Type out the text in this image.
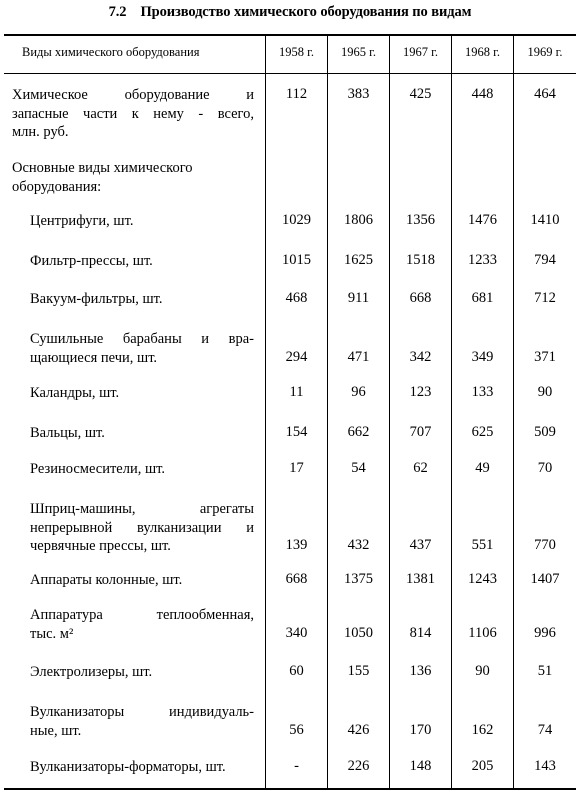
7.2 Производство химического оборудования по видам
Виды химического оборудования	1958 г.	1965 г.	1967 г.	1968 г.	1969 г.
Химическое оборудование и
запасные части к нему - всего,
млн. руб.
112	383	425	448	464
Основные виды химического
оборудования:
Центрифуги, шт.	1029	1806	1356	1476	1410
Фильтр-прессы, шт.	1015	1625	1518	1233	794
Вакуум-фильтры, шт.	468	911	668	681	712
Сушильные барабаны и вра-
щающиеся печи, шт.	294	471	342	349	371
Каландры, шт.	11	96	123	133	90
Вальцы, шт.	154	662	707	625	509
Резиносмесители, шт.	17	54	62	49	70
Шприц-машины, агрегаты
непрерывной вулканизации и
червячные прессы, шт.	139	432	437	551	770
Аппараты колонные, шт.	668	1375	1381	1243	1407
Аппаратура теплообменная,
тыс. м²	340	1050	814	1106	996
Электролизеры, шт.	60	155	136	90	51
Вулканизаторы индивидуаль-
ные, шт.	56	426	170	162	74
Вулканизаторы-форматоры, шт.	-	226	148	205	143
